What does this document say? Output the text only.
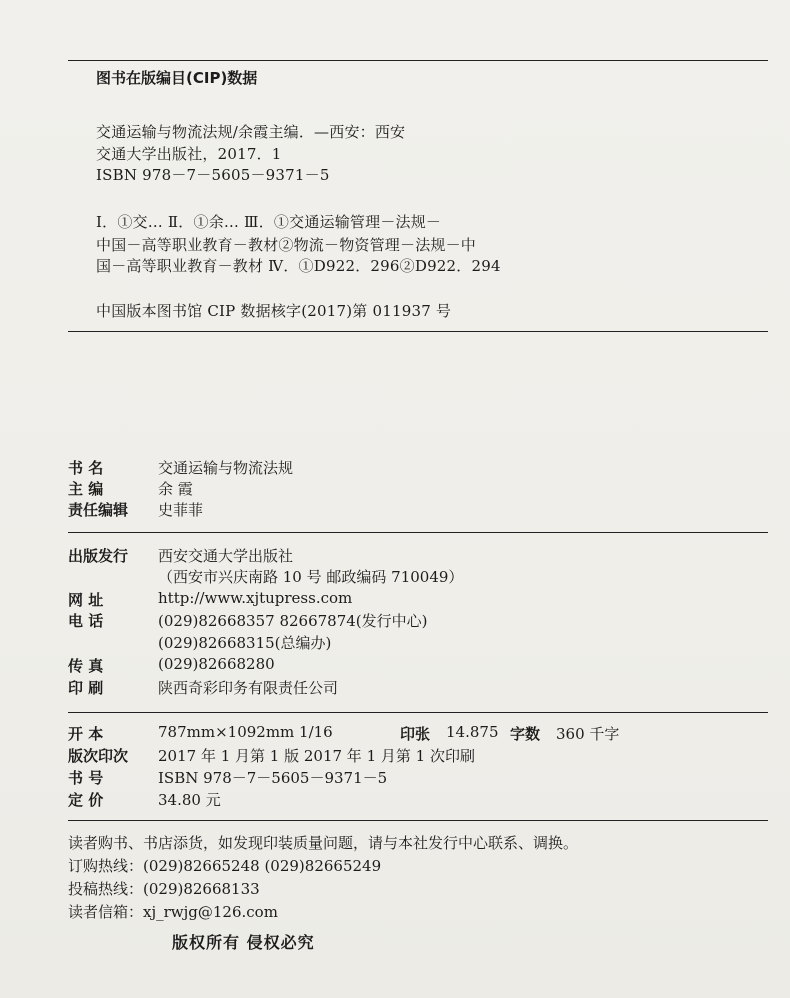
图书在版编目(CIP)数据
交通运输与物流法规/余霞主编．—西安：西安
交通大学出版社，2017．1
ISBN 978－7－5605－9371－5
Ⅰ．①交… Ⅱ．①余… Ⅲ．①交通运输管理－法规－
中国－高等职业教育－教材②物流－物资管理－法规－中
国－高等职业教育－教材 Ⅳ．①D922．296②D922．294
中国版本图书馆 CIP 数据核字(2017)第 011937 号
书 名	交通运输与物流法规
主 编	余 霞
责任编辑 史菲菲
出版发行 西安交通大学出版社
（西安市兴庆南路 10 号 邮政编码 710049）
网 址	http://www.xjtupress.com
电 话	(029)82668357 82667874(发行中心)
(029)82668315(总编办)
传 真	(029)82668280
印 刷	陕西奇彩印务有限责任公司
开 本	787mm×1092mm 1/16	印张 14.875 字数 360 千字
版次印次 2017 年 1 月第 1 版 2017 年 1 月第 1 次印刷
书 号	ISBN 978－7－5605－9371－5
定 价	34.80 元
读者购书、书店添货，如发现印装质量问题，请与本社发行中心联系、调换。
订购热线：(029)82665248 (029)82665249
投稿热线：(029)82668133
读者信箱：xj_rwjg@126.com
版权所有 侵权必究
